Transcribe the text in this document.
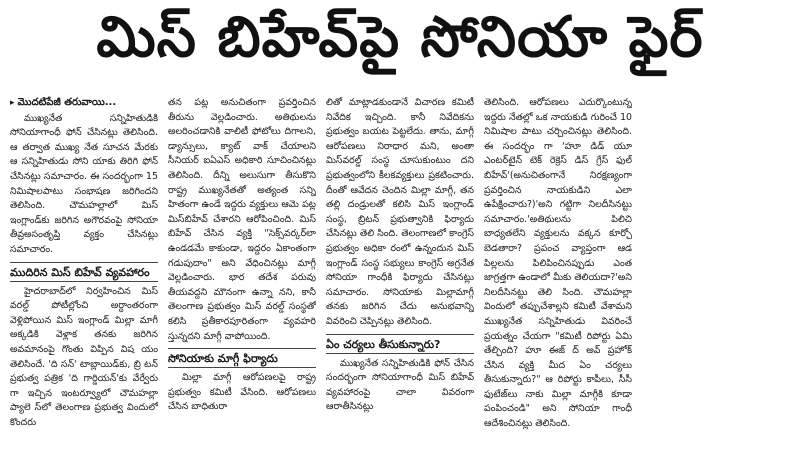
మిస్ బిహేవ్‌పై సోనియా ఫైర్
▸ మొదటిపేజీ తరువాయి...

ముఖ్యనేత సన్నిహితుడికి సోనియాగాంధీ ఫోన్ చేసినట్లు తెలిసింది. ఆ తర్వాత ముఖ్య నేత సూచన మేరకు ఆ సన్నిహితుడు సోని యాకు తిరిగి ఫోన్ చేసినట్లు సమాచారం. ఈ సందర్భంగా 15 నిమిషాలపాటు సంభాషణ జరిగిందని తెలిసింది. చౌమహల్లాలో మిస్ ఇంగ్లాండ్‌కు జరిగిన అగౌరవంపై సోనియా తీవ్రఅసంతృప్తి వ్యక్తం చేసినట్లు సమాచారం.

ముదిరిన మిస్ బిహేవ్ వ్యవహారం

హైదరాబాద్‌లో నిర్వహించిన మిస్ వరల్డ్ పోటీల్లోంచి అర్ధాంతరంగా వెళ్లిపోయిన మిస్ ఇంగ్లాండ్ మిల్లా మాగీ అక్కడికి వెళ్లాక తనకు జరిగిన అవమానంపై గొంతు విప్పిన విష యం తెలిసిందే. 'ది సన్' టాబ్లాయిడ్‌కు, బ్రి టన్ ప్రభుత్వ పత్రిక 'ది గార్డియన్'కు వేర్వేరు గా ఇచ్చిన ఇంటర్వ్యూలో చౌమహల్లా ప్యాలె స్‌లో తెలంగాణ ప్రభుత్వ విందులో కొందరు

తన పట్ల అనుచితంగా ప్రవర్తించిన తీరును వెల్లడించారు. అతిథులను అలరించడానికి వాలిటీ ఫోటోలు దిగాలని, డ్యాన్సులు, క్యాట్ వాక్ చేయాలని సీనియర్ ఐఏఎస్ అధికారి సూచించినట్లు తెలిసింది. దీన్ని అలుసుగా తీసుకొని రాష్ట్ర ముఖ్యనేతతో అత్యంత సన్ని హితంగా ఉండే ఇద్దరు వ్యక్తులు ఆమె పట్ల మిస్‌బిహేవ్ చేశారని ఆరోపించింది. మిస్ బిహేవ్ చేసిన వ్యక్తి "సెక్స్‌వర్కర్‌లా ఉండడమే కాకుండా, ఇద్దరం ఏకాంతంగా గడుపుదాం" అని వేధించినట్లు మాగ్గీ వెల్లడించారు. భార తదేశ పరువు తీయవద్దని మౌనంగా ఉన్నా నని, కానీ తెలంగాణ ప్రభుత్వం మిస్ వరల్డ్ సంస్థతో కలిసి ప్రతీకారపూరితంగా వ్యవహరి స్తున్నదని మాగ్గీ వాపోయింది.

సోనియాకు మాగ్గీ ఫిర్యాదు

మిల్లా మాగ్గీ ఆరోపణలపై రాష్ట్ర ప్రభుత్వం కమిటీ వేసింది. ఆరోపణలు చేసిన బాధితురా

లితో మాట్లాడకుండానే విచారణ కమిటీ నివేదిక ఇచ్చింది. కానీ నివేదికను ప్రభుత్వం బయట పెట్టలేదు. తాను, మాగ్గీ ఆరోపణలు నిరాధార మని, అంతా మిస్‌వరల్డ్ సంస్థ చూసుకుంటుం దని ప్రభుత్వంలోని కీలకవ్యక్తులు ప్రకటించారు. దీంతో ఆవేదన చెందిన మిల్లా మాగ్గీ, తన తల్లి దండ్రులతో కలిసి మిస్ ఇంగ్లాండ్ సంస్థ, బ్రిటన్ ప్రభుత్వానికి ఫిర్యాదు చేసినట్లు తెలి సింది. తెలంగాణలో కాంగ్రెస్ ప్రభుత్వం అధికా రంలో ఉన్నందున మిస్ ఇంగ్లాండ్ సంస్థ సభ్యులు కాంగ్రెస్ అగ్రనేత సోనియా గాంధీకి ఫిర్యాదు చేసినట్లు సమాచారం. సోనియాకు మిల్లామాగ్గీ తనకు జరిగిన చేదు అనుభవాన్ని వివరించి చెప్పినట్లు తెలిసింది.

ఏం చర్యలు తీసుకున్నారు?

ముఖ్యనేత సన్నిహితుడికి ఫోన్ చేసిన సందర్భంగా సోనియాగాంధీ మిస్ బిహేవ్ వ్యవహారంపై చాలా వివరంగా ఆరాతీసినట్లు

తెలిసింది. ఆరోపణలు ఎదుర్కొంటున్న ఇద్దరు నేతల్లో ఒక నాయకుడి గురించే 10 నిమిషాల పాటు చర్చించినట్లు తెలిసింది. ఈ సందర్భం గా 'హూ డిడ్ యూ ఎంటర్‌టైన్ టెక్ రెక్రెస్ డిస్ గ్రేస్ ఫుల్ బిహేవ్'(అనుచితంగానే నిరక్షణ్యంగా ప్రవర్తించిన నాయకుడిని ఎలా ఉపేక్షించారు?)'అని గట్టిగా నిలదీసినట్టు సమాచారం.'అతిథులను పిలిచి బాధ్యతలేని వ్యక్తులను వక్కన కూర్చో బెడతారా? ప్రపంచ వ్యాప్తంగా ఆడ పిల్లలను పిలిపించినప్పుడు ఎంత జాగ్రత్తగా ఉండాలో మీకు తెలియదా?'అని నిలదీసినట్టు తెలి సింది. చౌమహల్లా విందులో తప్పుచేశాల్లని కమిటీ వేశామని ముఖ్యనేత సన్నిహితుడు వివరించే ప్రయత్నం చేయగా "కమిటీ రిపోర్టు ఏమి తేల్చింది? హూ ఈజ్ ద్ అవ్ ప్రహోక్ చేసిన వ్యక్తి మీద ఏం చర్యలు తీసుకున్నారు?" ఆ రిపోర్టు కాపీలు, సీసీ ఫుటేజ్‌లు నాకు మిల్లా మాగ్గీకి కూడా పంపించండి" అని సోనియా గాంధీ ఆదేశించినట్లు తెలిసింది.
